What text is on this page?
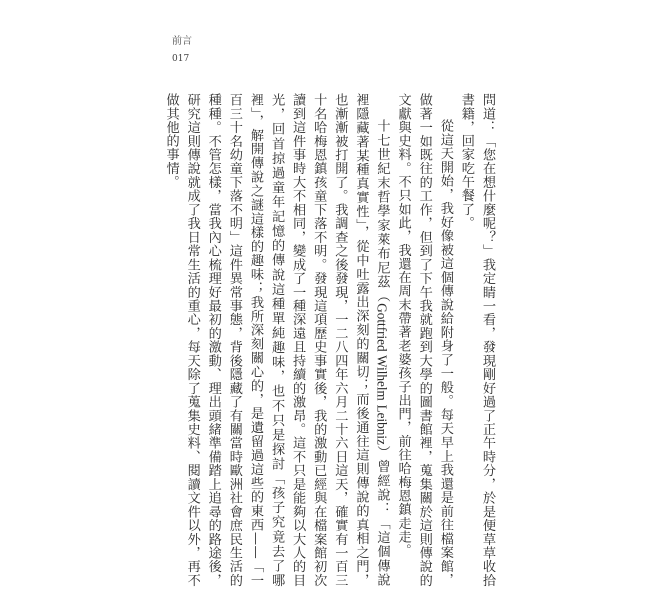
前言
017

問道：「您在想什麼呢？」我定睛一看，發現剛好過了正午時分，於是便草草收拾書籍，回家吃午餐了。

從這天開始，我好像被這個傳說給附身了一般。每天早上我還是前往檔案館，做著一如既往的工作，但到了下午我就跑到大學的圖書館裡，蒐集關於這則傳說的文獻與史料。不只如此，我還在周末帶著老婆孩子出門，前往哈梅恩鎮走走。

十七世紀末哲學家萊布尼茲（Gottfried Wilhelm Leibniz）曾經說：「這個傳說裡隱藏著某種真實性」，從中吐露出深刻的關切；而後通往這則傳說的真相之門，也漸漸被打開了。我調查之後發現，一二八四年六月二十六日這天，確實有一百三十名哈梅恩鎮孩童下落不明。發現這項歷史事實後，我的激動已經與在檔案館初次讀到這件事時大不相同，變成了一種深遠且持續的激昂。這不只是能夠以大人的目光，回首掠過童年記憶的傳說這種單純趣味，也不只是探討「孩子究竟去了哪裡」，解開傳說之謎這樣的趣味；我所深刻關心的，是遺留過這些的東西——「一百三十名幼童下落不明」這件異常事態，背後隱藏了有關當時歐洲社會庶民生活的種種。不管怎樣，當我內心梳理好最初的激動、理出頭緒準備踏上追尋的路途後，研究這則傳說就成了我日常生活的重心，每天除了蒐集史料、閱讀文件以外，再不做其他的事情。
